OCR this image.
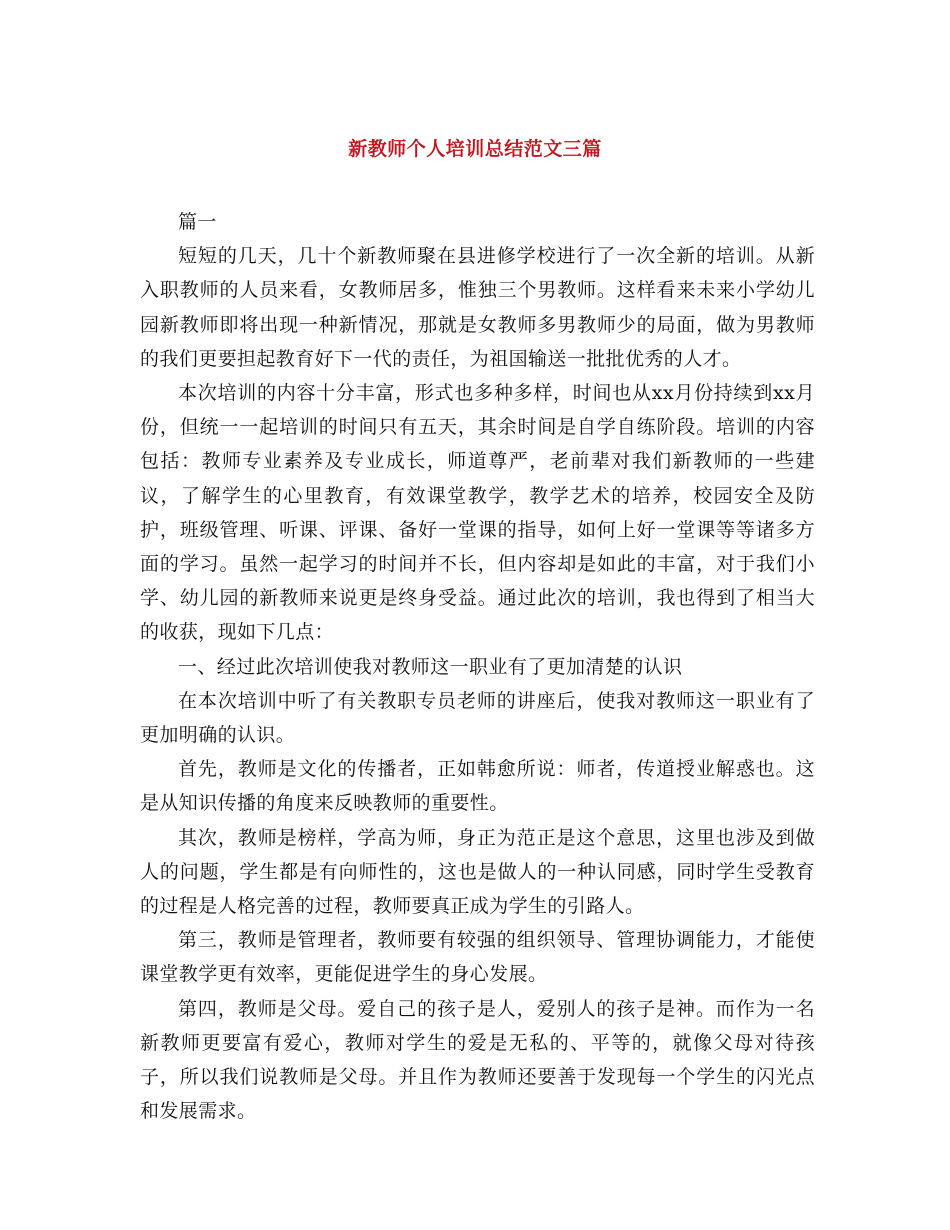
新教师个人培训总结范文三篇

篇一

短短的几天，几十个新教师聚在县进修学校进行了一次全新的培训。从新入职教师的人员来看，女教师居多，惟独三个男教师。这样看来未来小学幼儿园新教师即将出现一种新情况，那就是女教师多男教师少的局面，做为男教师的我们更要担起教育好下一代的责任，为祖国输送一批批优秀的人才。

本次培训的内容十分丰富，形式也多种多样，时间也从xx月份持续到xx月份，但统一一起培训的时间只有五天，其余时间是自学自练阶段。培训的内容包括：教师专业素养及专业成长，师道尊严，老前辈对我们新教师的一些建议，了解学生的心里教育，有效课堂教学，教学艺术的培养，校园安全及防护，班级管理、听课、评课、备好一堂课的指导，如何上好一堂课等等诸多方面的学习。虽然一起学习的时间并不长，但内容却是如此的丰富，对于我们小学、幼儿园的新教师来说更是终身受益。通过此次的培训，我也得到了相当大的收获，现如下几点：

一、经过此次培训使我对教师这一职业有了更加清楚的认识

在本次培训中听了有关教职专员老师的讲座后，使我对教师这一职业有了更加明确的认识。

首先，教师是文化的传播者，正如韩愈所说：师者，传道授业解惑也。这是从知识传播的角度来反映教师的重要性。

其次，教师是榜样，学高为师，身正为范正是这个意思，这里也涉及到做人的问题，学生都是有向师性的，这也是做人的一种认同感，同时学生受教育的过程是人格完善的过程，教师要真正成为学生的引路人。

第三，教师是管理者，教师要有较强的组织领导、管理协调能力，才能使课堂教学更有效率，更能促进学生的身心发展。

第四，教师是父母。爱自己的孩子是人，爱别人的孩子是神。而作为一名新教师更要富有爱心，教师对学生的爱是无私的、平等的，就像父母对待孩子，所以我们说教师是父母。并且作为教师还要善于发现每一个学生的闪光点和发展需求。
